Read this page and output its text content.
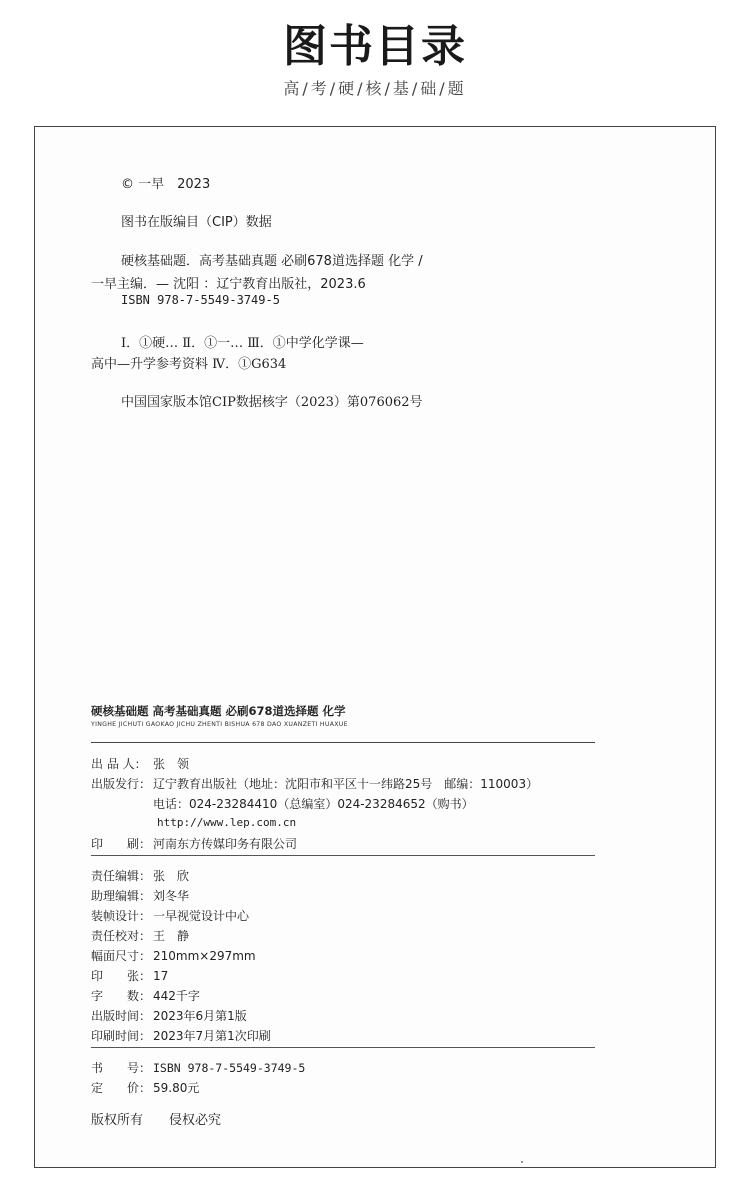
图书目录
高/考/硬/核/基/础/题
© 一早　2023
图书在版编目（CIP）数据
硬核基础题．高考基础真题 必刷678道选择题 化学 /
一早主编．— 沈阳 ：辽宁教育出版社，2023.6
ISBN 978-7-5549-3749-5
Ⅰ．①硬… Ⅱ．①一… Ⅲ．①中学化学课—
高中—升学参考资料 Ⅳ．①G634
中国国家版本馆CIP数据核字（2023）第076062号
硬核基础题 高考基础真题 必刷678道选择题 化学
YINGHE JICHUTI GAOKAO JICHU ZHENTI BISHUA 678 DAO XUANZETI HUAXUE
出 品 人： 张　领
出版发行： 辽宁教育出版社（地址：沈阳市和平区十一纬路25号　邮编：110003）
电话：024-23284410（总编室）024-23284652（购书）
http://www.lep.com.cn
印　　刷： 河南东方传媒印务有限公司
责任编辑： 张　欣
助理编辑： 刘冬华
装帧设计： 一早视觉设计中心
责任校对： 王　静
幅面尺寸： 210mm×297mm
印　　张： 17
字　　数： 442千字
出版时间： 2023年6月第1版
印刷时间： 2023年7月第1次印刷
书　　号： ISBN 978-7-5549-3749-5
定　　价： 59.80元
版权所有　　侵权必究
